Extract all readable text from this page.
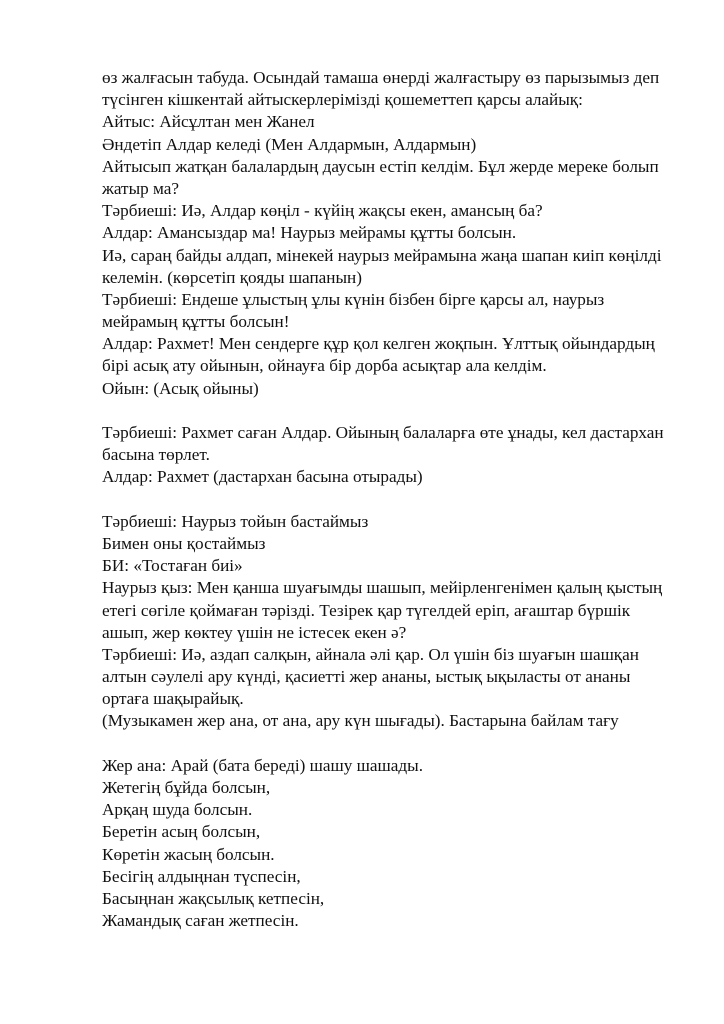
өз жалғасын табуда. Осындай тамаша өнерді жалғастыру өз парызымыз деп
түсінген кішкентай айтыскерлерімізді қошеметтеп қарсы алайық:
Айтыс: Айсұлтан мен Жанел
Әндетіп Алдар келеді (Мен Алдармын, Алдармын)
Айтысып жатқан балалардың даусын естіп келдім. Бұл жерде мереке болып
жатыр ма?
Тәрбиеші: Иә, Алдар көңіл - күйің жақсы екен, амансың ба?
Алдар: Амансыздар ма! Наурыз мейрамы құтты болсын.
Иә, сараң байды алдап, мінекей наурыз мейрамына жаңа шапан киіп көңілді
келемін. (көрсетіп қояды шапанын)
Тәрбиеші: Ендеше ұлыстың ұлы күнін бізбен бірге қарсы ал, наурыз
мейрамың құтты болсын!
Алдар: Рахмет! Мен сендерге құр қол келген жоқпын. Ұлттық ойындардың
бірі асық ату ойынын, ойнауға бір дорба асықтар ала келдім.
Ойын: (Асық ойыны)
Тәрбиеші: Рахмет саған Алдар. Ойының балаларға өте ұнады, кел дастархан
басына төрлет.
Алдар: Рахмет (дастархан басына отырады)
Тәрбиеші: Наурыз тойын бастаймыз
Бимен оны қостаймыз
БИ: «Тостаған биі»
Наурыз қыз: Мен қанша шуағымды шашып, мейірленгенімен қалың қыстың
етегі сөгіле қоймаған тәрізді. Тезірек қар түгелдей еріп, ағаштар бүршік
ашып, жер көктеу үшін не істесек екен ә?
Тәрбиеші: Иә, аздап салқын, айнала әлі қар. Ол үшін біз шуағын шашқан
алтын сәулелі ару күнді, қасиетті жер ананы, ыстық ықыласты от ананы
ортаға шақырайық.
(Музыкамен жер ана, от ана, ару күн шығады). Бастарына байлам тағу
Жер ана: Арай (бата береді) шашу шашады.
Жетегің бұйда болсын,
Арқаң шуда болсын.
Беретін асың болсын,
Көретін жасың болсын.
Бесігің алдыңнан түспесін,
Басыңнан жақсылық кетпесін,
Жамандық саған жетпесін.
